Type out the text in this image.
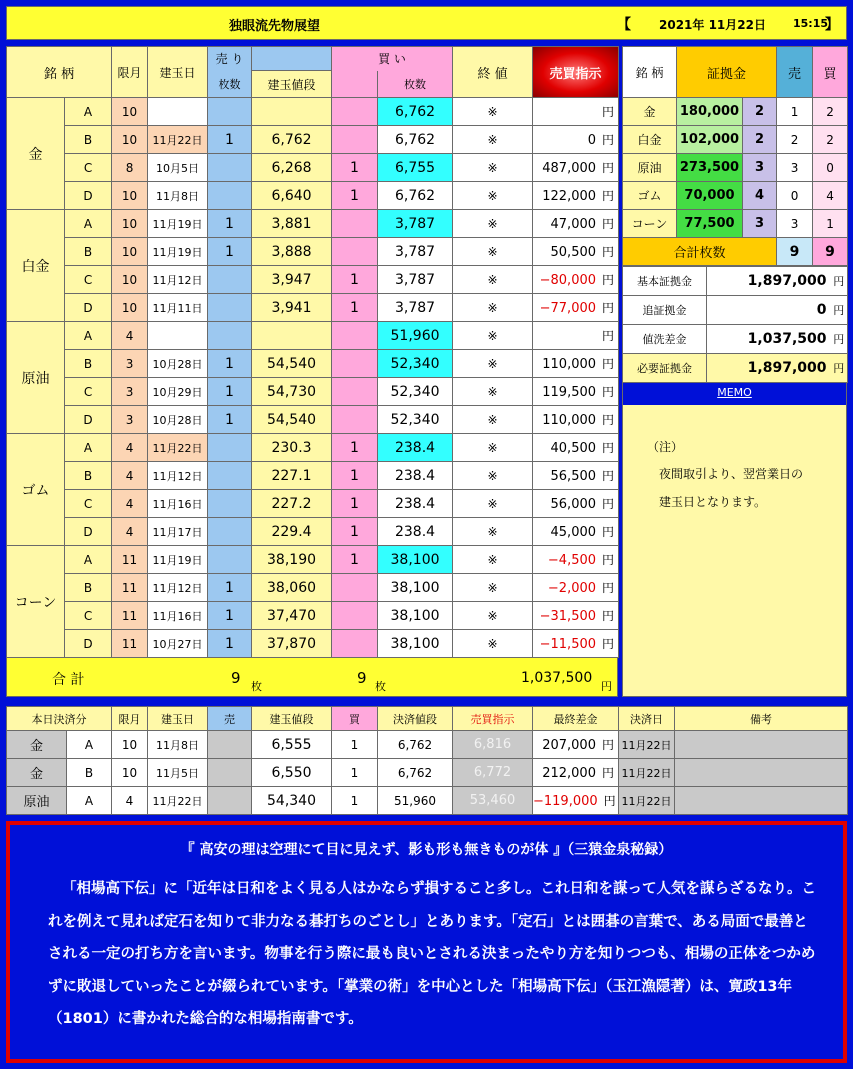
独眼流先物展望	【 2021年 11月22日 15:15
】
銘 柄		限月	建玉日	売 り		買 い		終 値	売買指示	
				枚数	建玉値段		枚数			
金	A	10					6,762	※	円	
	B	10	11月22日	1	6,762		6,762	※	0 円	
	C	8	10月5日		6,268	1	6,755	※	487,000 円	
	D	10	11月8日		6,640	1	6,762	※	122,000 円	
白金	A	10	11月19日	1	3,881		3,787	※	47,000 円	
	B	10	11月19日	1	3,888		3,787	※	50,500 円	
	C	10	11月12日		3,947	1	3,787	※	−80,000 円	
	D	10	11月11日		3,941	1	3,787	※	−77,000 円	
原油	A	4					51,960	※	円	
	B	3	10月28日	1	54,540		52,340	※	110,000 円	
	C	3	10月29日	1	54,730		52,340	※	119,500 円	
	D	3	10月28日	1	54,540		52,340	※	110,000 円	
ゴム	A	4	11月22日		230.3	1	238.4	※	40,500 円	
	B	4	11月12日		227.1	1	238.4	※	56,500 円	
	C	4	11月16日		227.2	1	238.4	※	56,000 円	
	D	4	11月17日		229.4	1	238.4	※	45,000 円	
コーン	A	11	11月19日		38,190	1	38,100	※	−4,500 円	
	B	11	11月12日	1	38,060		38,100	※	−2,000 円	
	C	11	11月16日	1	37,470		38,100	※	−31,500 円	
	D	11	10月27日	1	37,870		38,100	※	−11,500 円	
合 計	9 枚	9 枚
1,037,500
円
銘 柄	証拠金		売	買
金	180,000	2	1	2
白金	102,000	2	2	2
原油	273,500	3	3	0
ゴム	70,000	4	0	4
コーン	77,500	3	3	1
合計枚数			9	9
基本証拠金	1,897,000	円
追証拠金	0	円
値洗差金	1,037,500	円
必要証拠金	1,897,000	円
MEMO
（注）
夜間取引より、翌営業日の
建玉日となります。
本日決済分		限月	建玉日	売	建玉値段	買	決済値段	売買指示	最終差金	決済日	備考
金	A	10	11月8日		6,555	1	6,762	6,816	207,000 円	11月22日	
金	B	10	11月5日		6,550	1	6,762	6,772	212,000 円	11月22日	
原油	A	4	11月22日		54,340	1	51,960	53,460	−119,000 円	11月22日	
『 高安の理は空理にて目に見えず、影も形も無きものが体 』（三猿金泉秘録）
「相場高下伝」に「近年は日和をよく見る人はかならず損すること多し。これ日和を謀って人気を謀らざるなり。これを例えて見れば定石を知りて非力なる碁打ちのごとし」とあります。「定石」とは囲碁の言葉で、ある局面で最善とされる一定の打ち方を言います。物事を行う際に最も良いとされる決まったやり方を知りつつも、相場の正体をつかめずに敗退していったことが綴られています。「掌業の術」を中心とした「相場高下伝」（玉江漁隠著）は、寛政13年（1801）に書かれた総合的な相場指南書です。
